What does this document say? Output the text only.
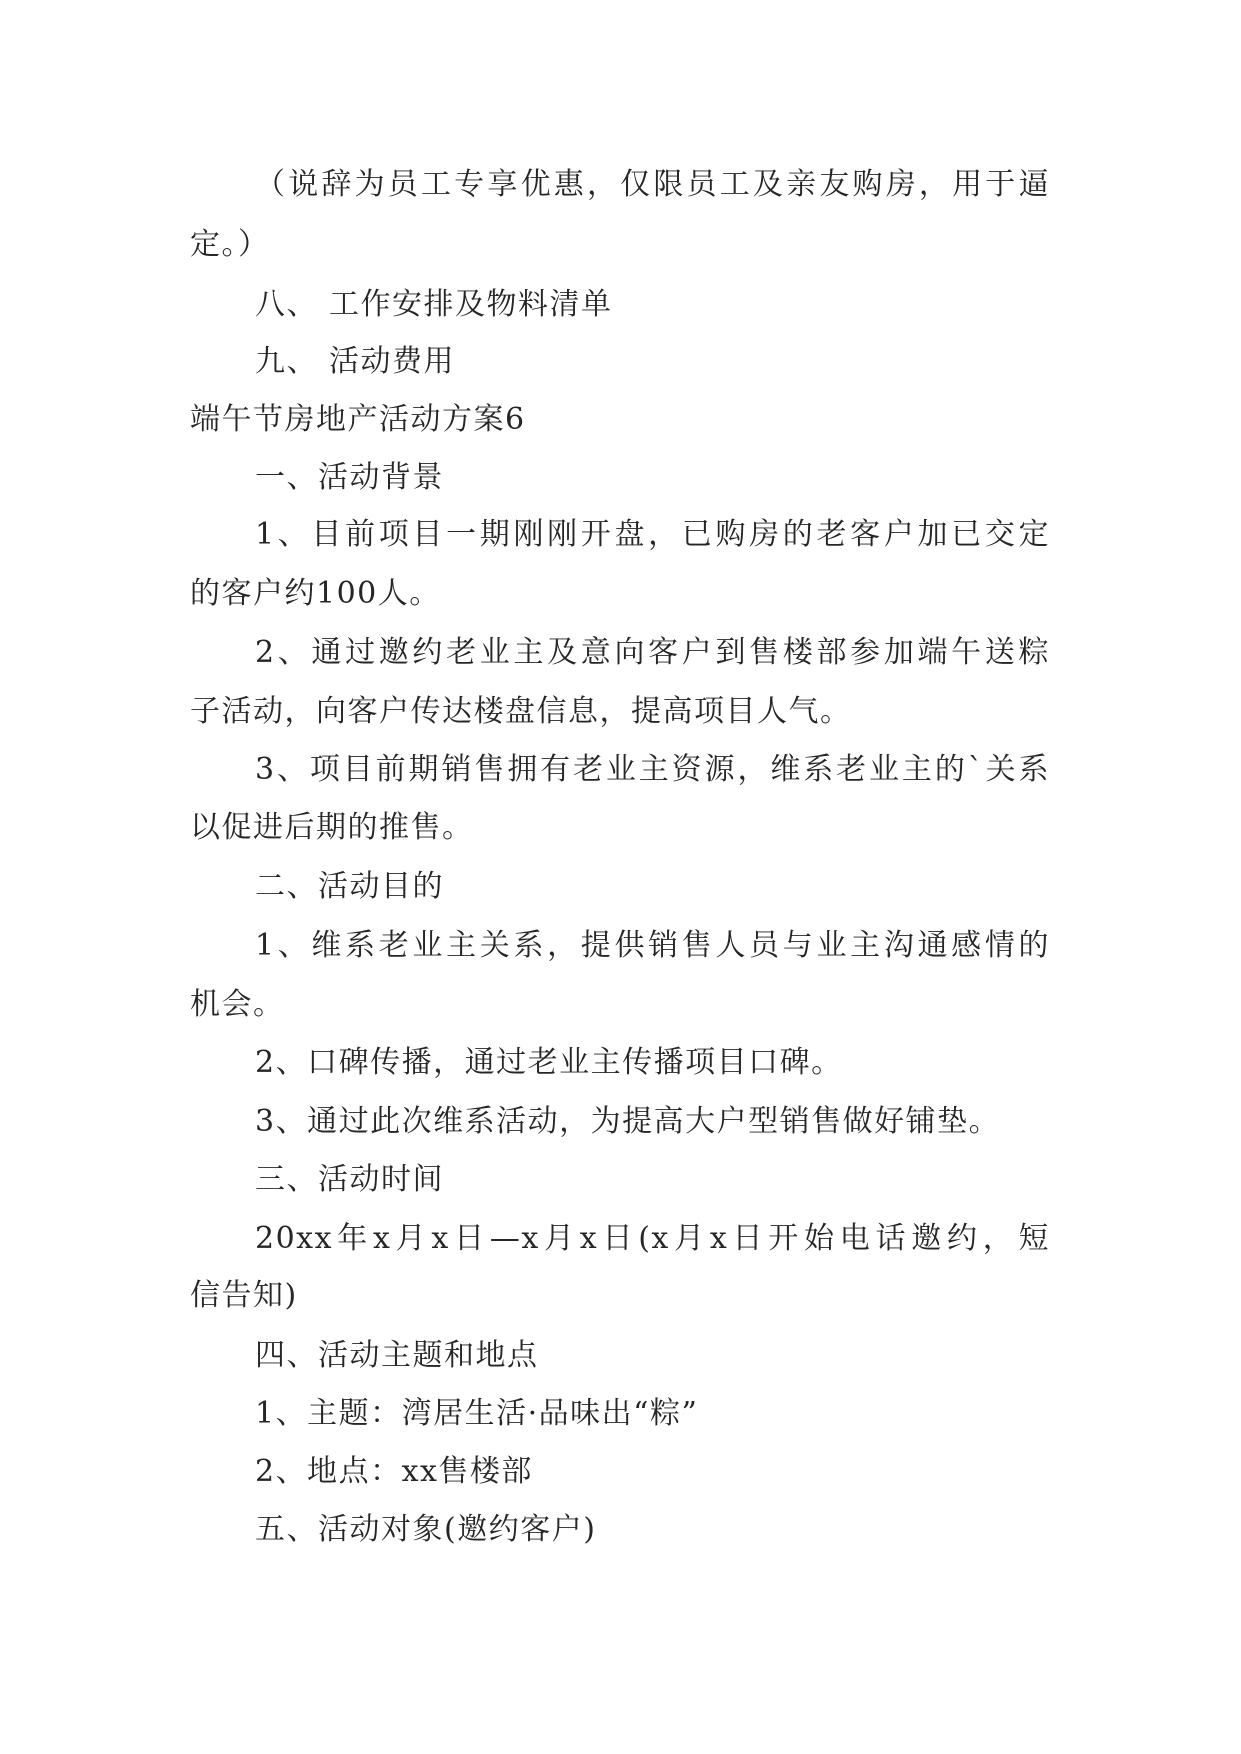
（说辞为员工专享优惠，仅限员工及亲友购房，用于逼
定。）
八、 工作安排及物料清单
九、 活动费用
端午节房地产活动方案6
一、活动背景
1、目前项目一期刚刚开盘，已购房的老客户加已交定
的客户约100人。
2、通过邀约老业主及意向客户到售楼部参加端午送粽
子活动，向客户传达楼盘信息，提高项目人气。
3、项目前期销售拥有老业主资源，维系老业主的`关系
以促进后期的推售。
二、活动目的
1、维系老业主关系，提供销售人员与业主沟通感情的
机会。
2、口碑传播，通过老业主传播项目口碑。
3、通过此次维系活动，为提高大户型销售做好铺垫。
三、活动时间
20xx年x月x日—x月x日(x月x日开始电话邀约，短
信告知)
四、活动主题和地点
1、主题：湾居生活·品味出“粽”
2、地点：xx售楼部
五、活动对象(邀约客户)
